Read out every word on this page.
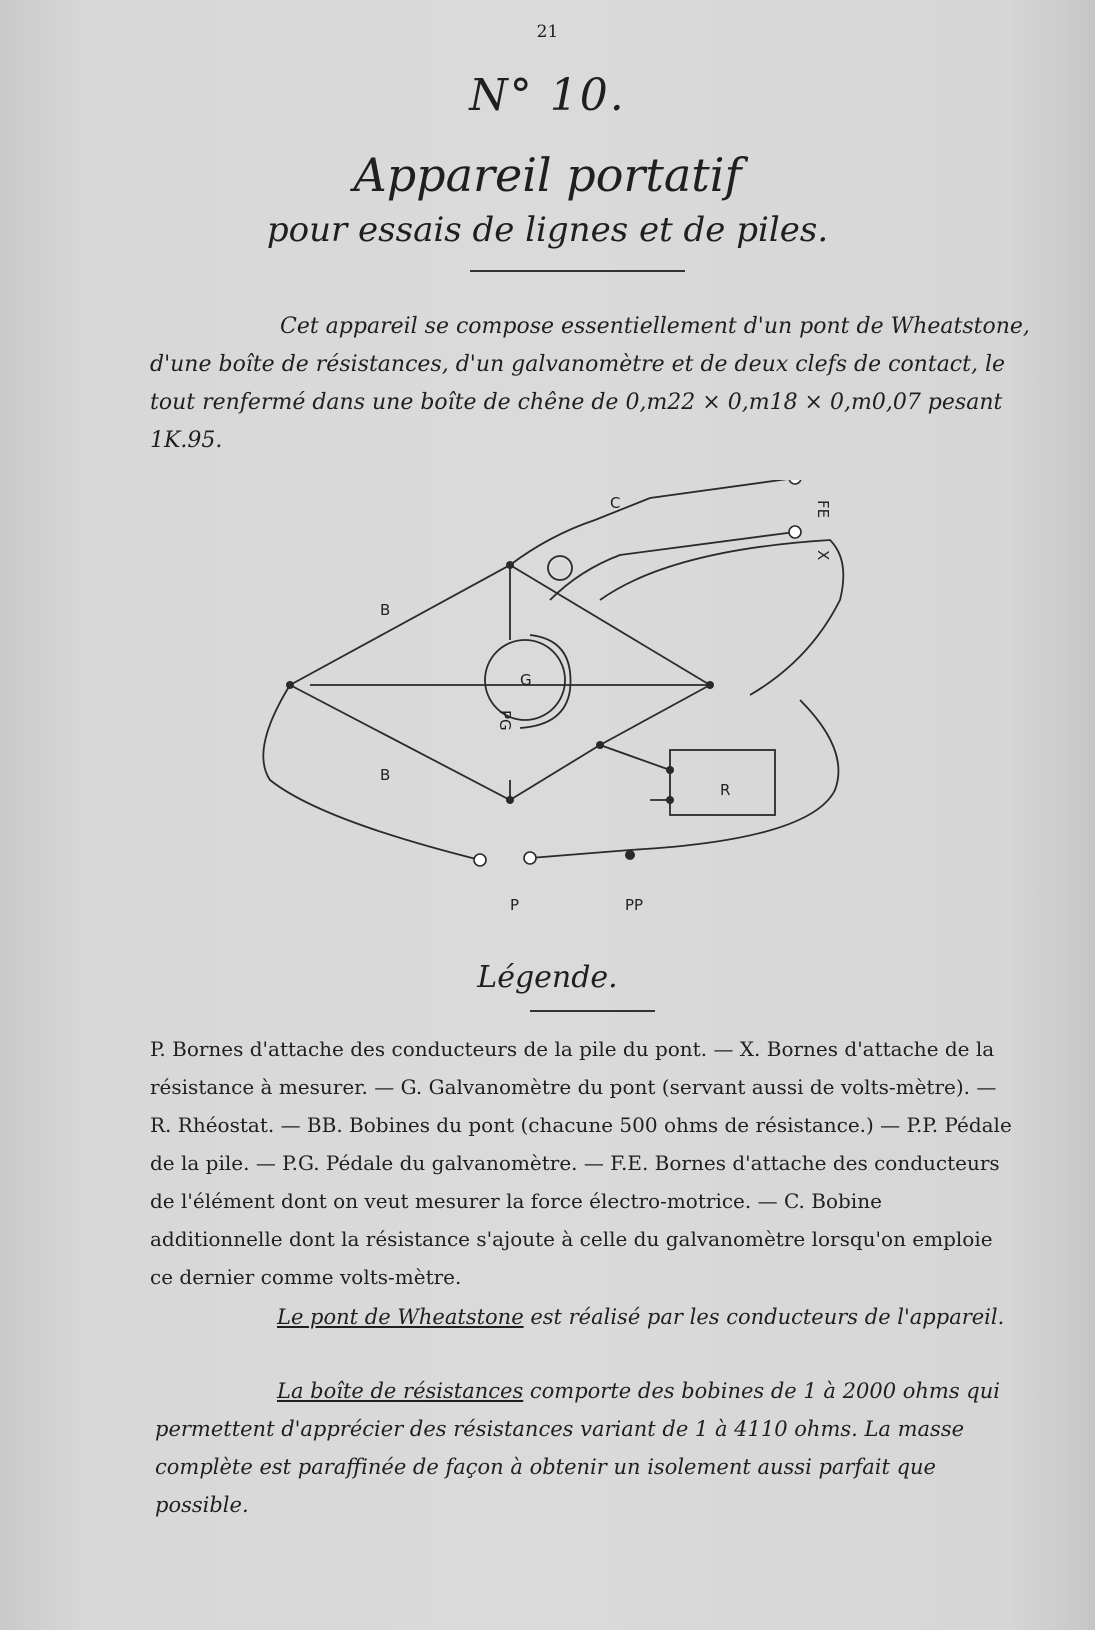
21
N° 10.
Appareil portatif
pour essais de lignes et de piles.

Cet appareil se compose essentiellement d'un pont de Wheatstone, d'une boîte de résistances, d'un galvanomètre et de deux clefs de contact, le tout renfermé dans une boîte de chêne de 0,m22 × 0,m18 × 0,m0,07 pesant 1K.95.

C	FE
X
B
B
G
PG
R
P	PP
Légende.

P. Bornes d'attache des conducteurs de la pile du pont. — X. Bornes d'attache de la résistance à mesurer. — G. Galvanomètre du pont (servant aussi de volts-mètre). — R. Rhéostat. — BB. Bobines du pont (chacune 500 ohms de résistance.) — P.P. Pédale de la pile. — P.G. Pédale du galvanomètre. — F.E. Bornes d'attache des conducteurs de l'élément dont on veut mesurer la force électro-motrice. — C. Bobine additionnelle dont la résistance s'ajoute à celle du galvanomètre lorsqu'on emploie ce dernier comme volts-mètre.

Le pont de Wheatstone est réalisé par les conducteurs de l'appareil.

La boîte de résistances comporte des bobines de 1 à 2000 ohms qui permettent d'apprécier des résistances variant de 1 à 4110 ohms. La masse complète est paraffinée de façon à obtenir un isolement aussi parfait que possible.
